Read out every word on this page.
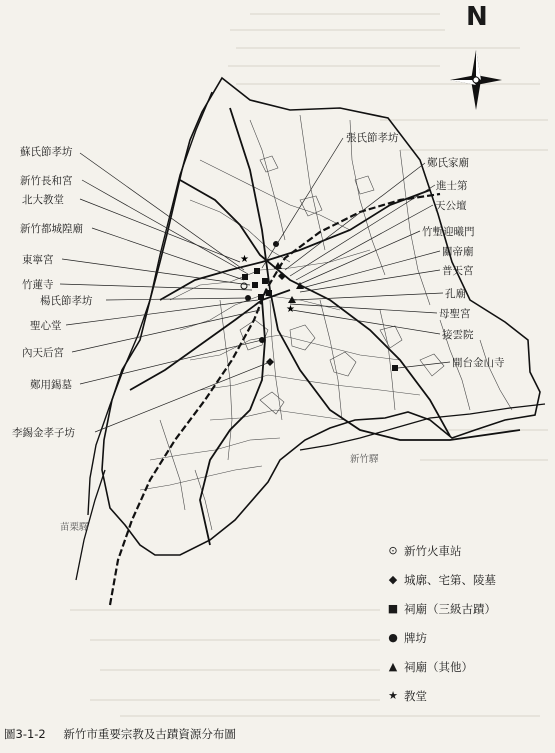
★
★
蘇氏節孝坊
張氏節孝坊
鄭氏家廟
新竹長和宮	進士第
北大教堂	天公壇
新竹都城隍廟	竹塹迎曦門
東寧宮
關帝廟
普天宮
竹蓮寺
孔廟
楊氏節孝坊
母聖宮
聖心堂
接雲院
內天后宮
開台金山寺
鄭用錫墓
李錫金孝子坊
新竹驛
苗栗驛
N
⊙ 新竹火車站
◆ 城廓、宅第、陵墓
■ 祠廟（三級古蹟）
● 牌坊
▲ 祠廟（其他）
★ 教堂
圖3-1-2 新竹市重要宗教及古蹟資源分布圖
